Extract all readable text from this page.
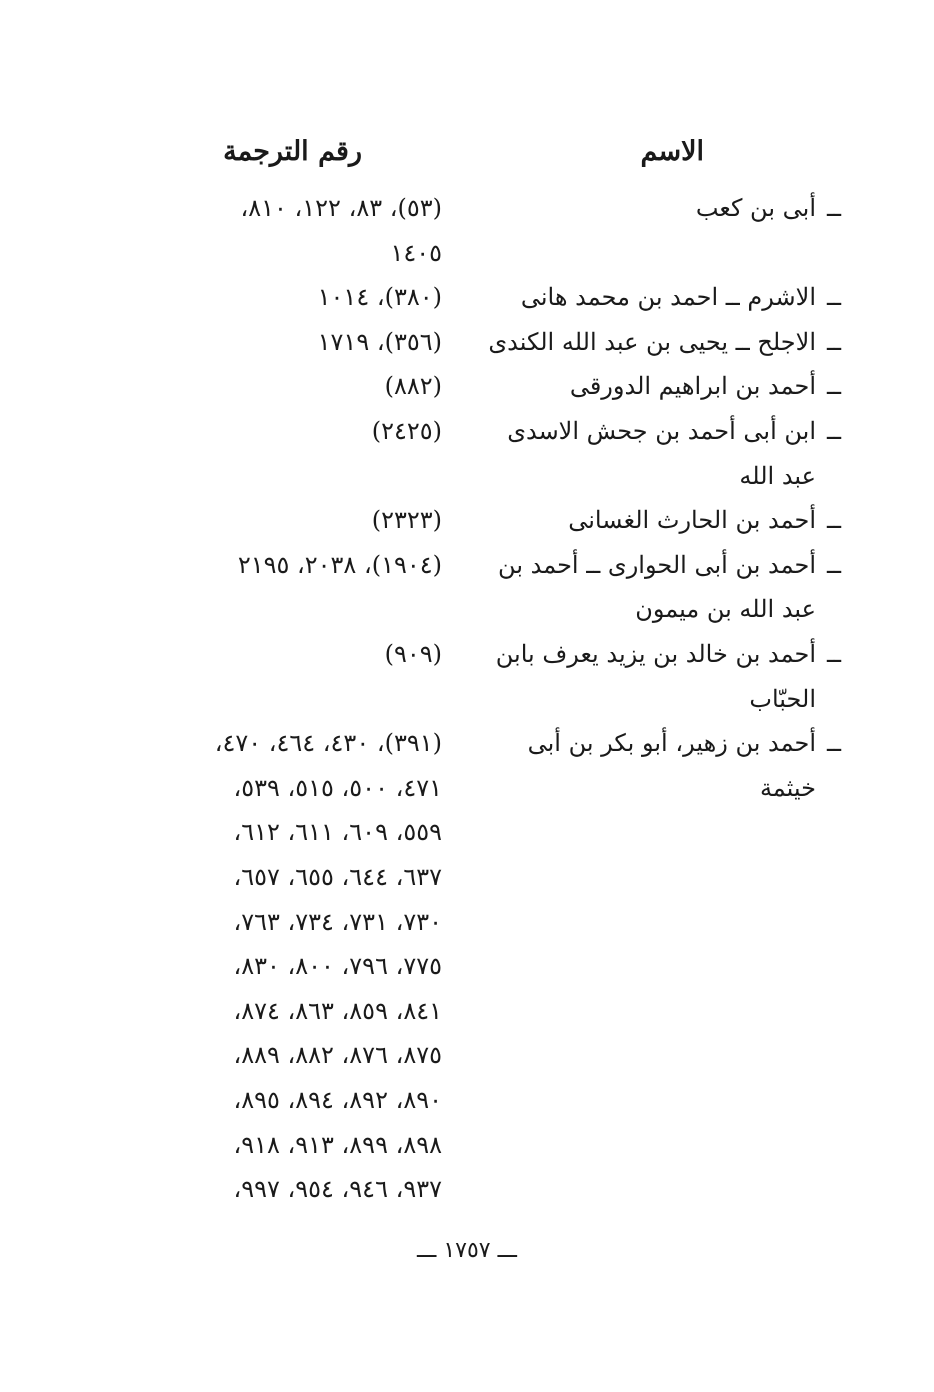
الاسم
رقم الترجمة
ــ
أبى بن كعب
(٥٣)، ٨٣، ١٢٢، ٨١٠،
١٤٠٥
ــ
الاشرم ــ احمد بن محمد هانى
(٣٨٠)، ١٠١٤
ــ
الاجلح ــ يحيى بن عبد الله الكندى
(٣٥٦)، ١٧١٩
ــ
أحمد بن ابراهيم الدورقى
(٨٨٢)
ــ
ابن أبى أحمد بن جحش الاسدى
(٢٤٢٥)
عبد الله
ــ
أحمد بن الحارث الغسانى
(٢٣٢٣)
ــ
أحمد بن أبى الحوارى ــ أحمد بن
(١٩٠٤)، ٢٠٣٨، ٢١٩٥
عبد الله بن ميمون
ــ
أحمد بن خالد بن يزيد يعرف بابن
(٩٠٩)
الحبّاب
ــ
أحمد بن زهير، أبو بكر بن أبى
(٣٩١)، ٤٣٠، ٤٦٤، ٤٧٠،
خيثمة
٤٧١، ٥٠٠، ٥١٥، ٥٣٩،
٥٥٩، ٦٠٩، ٦١١، ٦١٢،
٦٣٧، ٦٤٤، ٦٥٥، ٦٥٧،
٧٣٠، ٧٣١، ٧٣٤، ٧٦٣،
٧٧٥، ٧٩٦، ٨٠٠، ٨٣٠،
٨٤١، ٨٥٩، ٨٦٣، ٨٧٤،
٨٧٥، ٨٧٦، ٨٨٢، ٨٨٩،
٨٩٠، ٨٩٢، ٨٩٤، ٨٩٥،
٨٩٨، ٨٩٩، ٩١٣، ٩١٨،
٩٣٧، ٩٤٦، ٩٥٤، ٩٩٧،
ـــ ١٧٥٧ ـــ
